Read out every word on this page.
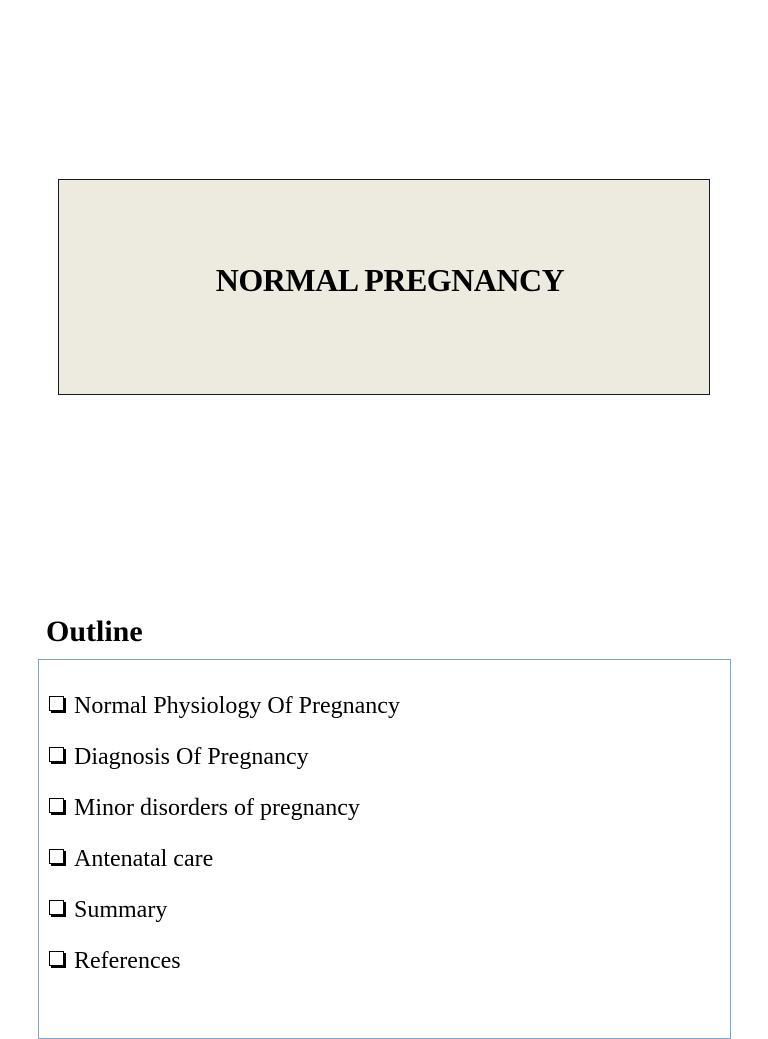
NORMAL PREGNANCY
Outline
Normal Physiology Of Pregnancy
Diagnosis Of Pregnancy
Minor disorders of pregnancy
Antenatal care
Summary
References
